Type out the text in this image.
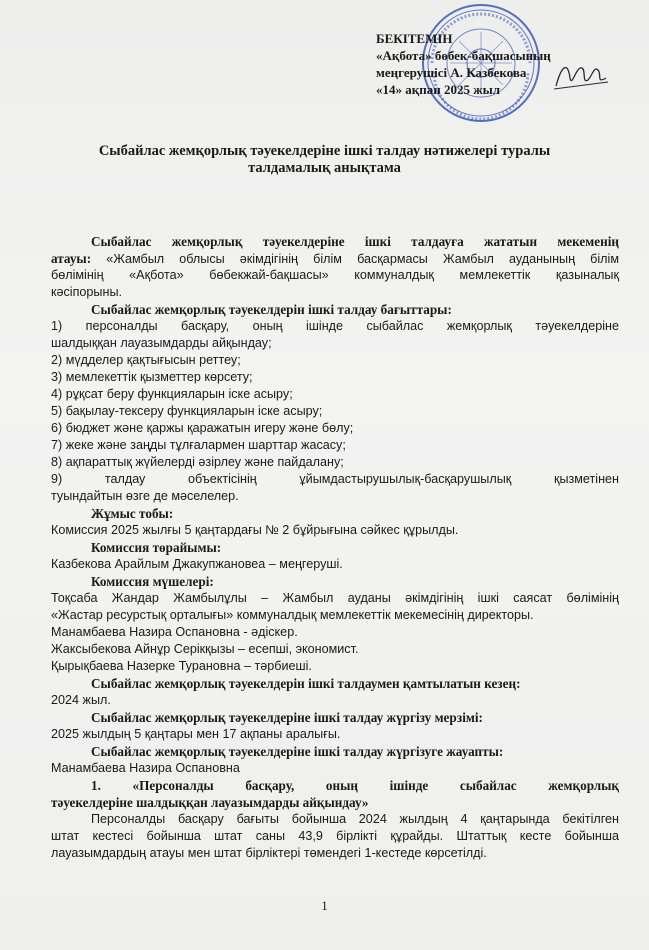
БЕКІТЕМІН
«Ақбота» бөбек-бақшасының
меңгерушісі А. Казбекова
«14» ақпан 2025 жыл
Сыбайлас жемқорлық тәуекелдеріне ішкі талдау нәтижелері туралы
талдамалық анықтама
Сыбайлас жемқорлық тәуекелдеріне ішкі талдауға жататын мекеменің
атауы: «Жамбыл облысы әкімдігінің білім басқармасы Жамбыл ауданының білім
бөлімінің «Ақбота» бөбекжай-бақшасы» коммуналдық мемлекеттік қазыналық
кәсіпорыны.
Сыбайлас жемқорлық тәуекелдерін ішкі талдау бағыттары:
1) персоналды басқару, оның ішінде сыбайлас жемқорлық тәуекелдеріне
шалдыққан лауазымдарды айқындау;
2) мүдделер қақтығысын реттеу;
3) мемлекеттік қызметтер көрсету;
4) рұқсат беру функцияларын іске асыру;
5) бақылау-тексеру функцияларын іске асыру;
6) бюджет және қаржы қаражатын игеру және бөлу;
7) жеке және заңды тұлғалармен шарттар жасасу;
8) ақпараттық жүйелерді әзірлеу және пайдалану;
9) талдау объектісінің ұйымдастырушылық-басқарушылық қызметінен
туындайтын өзге де мәселелер.
Жұмыс тобы:
Комиссия 2025 жылғы 5 қаңтардағы № 2 бұйрығына сәйкес құрылды.
Комиссия төрайымы:
Казбекова Арайлым Джакупжановеа – меңгеруші.
Комиссия мүшелері:
Тоқсаба Жандар Жамбылұлы – Жамбыл ауданы әкімдігінің ішкі саясат бөлімінің
«Жастар ресурстық орталығы» коммуналдық мемлекеттік мекемесінің директоры.
Манамбаева Назира Оспановна - әдіскер.
Жаксыбекова Айнұр Серікқызы – есепші, экономист.
Қырықбаева Назерке Турановна – тәрбиеші.
Сыбайлас жемқорлық тәуекелдерін ішкі талдаумен қамтылатын кезең:
2024 жыл.
Сыбайлас жемқорлық тәуекелдеріне ішкі талдау жүргізу мерзімі:
2025 жылдың 5 қаңтары мен 17 ақпаны аралығы.
Сыбайлас жемқорлық тәуекелдеріне ішкі талдау жүргізуге жауапты:
Манамбаева Назира Оспановна
1. «Персоналды басқару, оның ішінде сыбайлас жемқорлық
тәуекелдеріне шалдыққан лауазымдарды айқындау»
Персоналды басқару бағыты бойынша 2024 жылдың 4 қаңтарында бекітілген
штат кестесі бойынша штат саны 43,9 бірлікті құрайды. Штаттық кесте бойынша
лауазымдардың атауы мен штат бірліктері төмендегі 1-кестеде көрсетілді.
1
